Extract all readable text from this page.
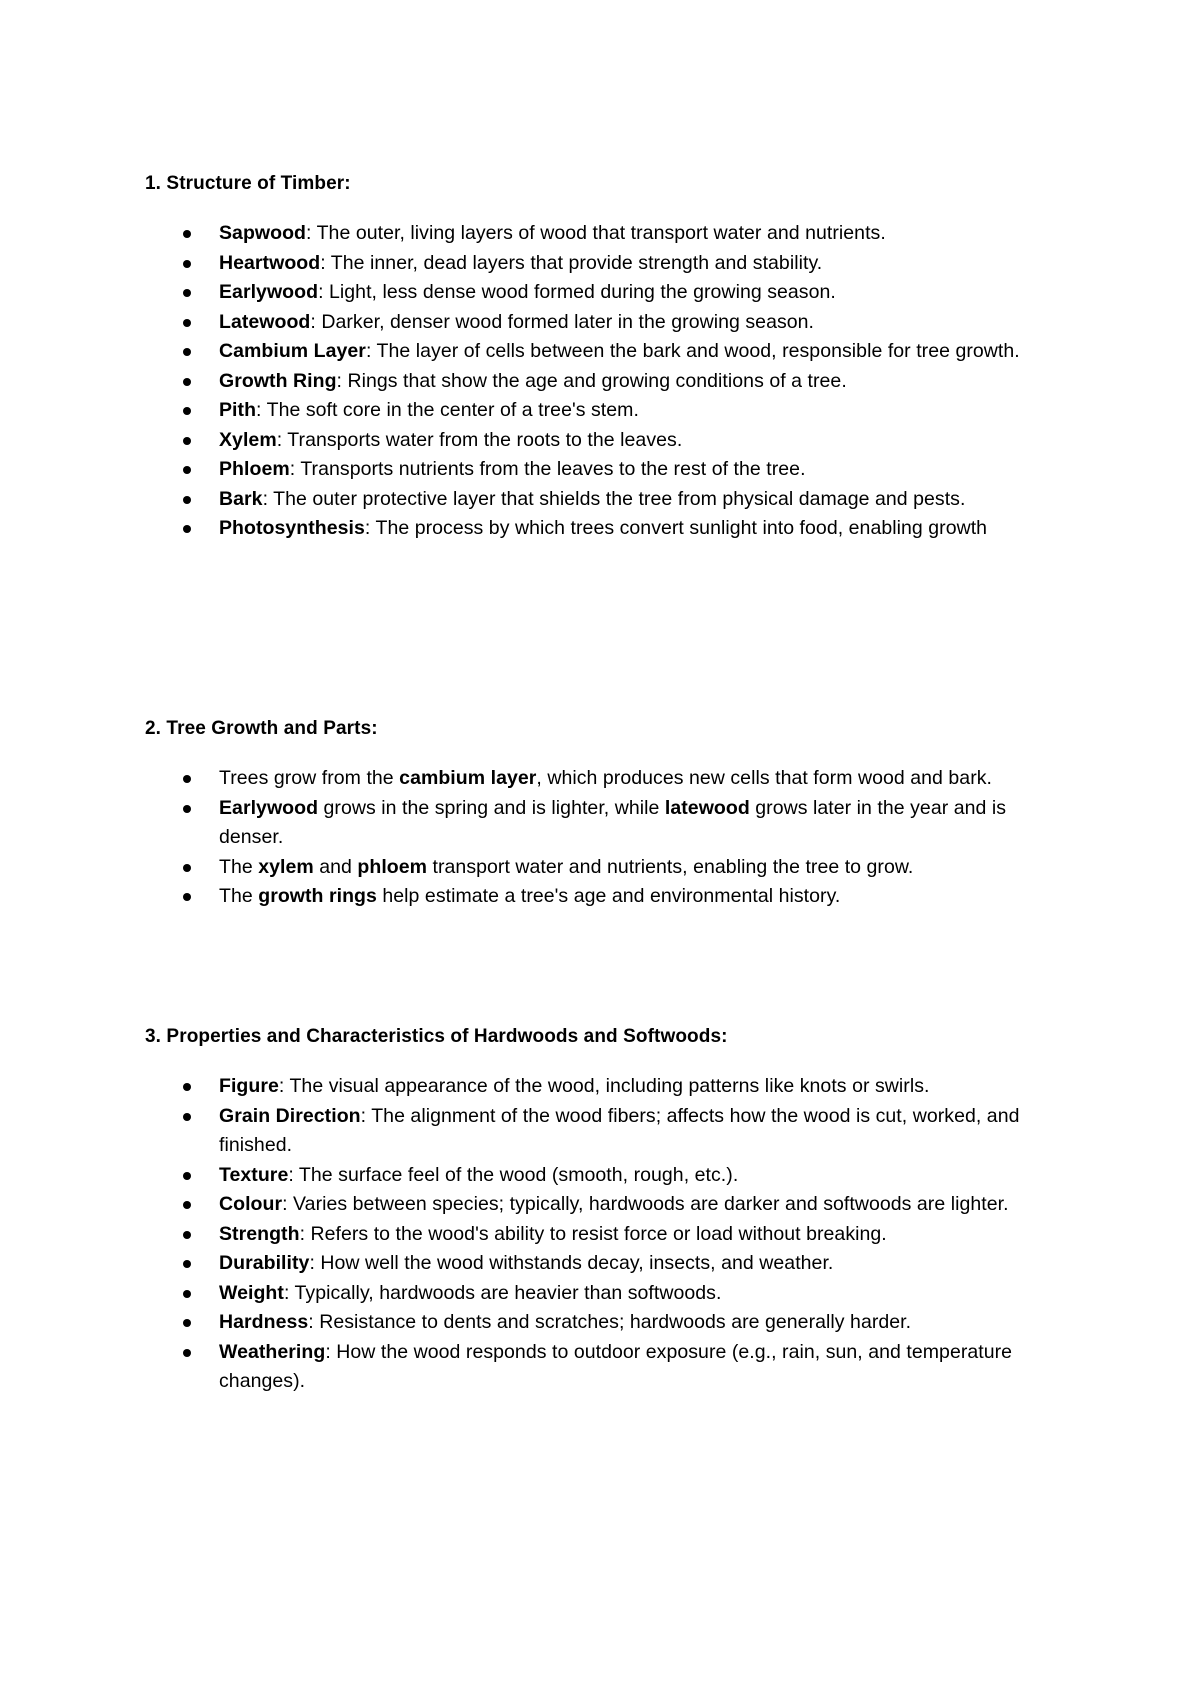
1. Structure of Timber:
Sapwood: The outer, living layers of wood that transport water and nutrients.
Heartwood: The inner, dead layers that provide strength and stability.
Earlywood: Light, less dense wood formed during the growing season.
Latewood: Darker, denser wood formed later in the growing season.
Cambium Layer: The layer of cells between the bark and wood, responsible for tree growth.
Growth Ring: Rings that show the age and growing conditions of a tree.
Pith: The soft core in the center of a tree's stem.
Xylem: Transports water from the roots to the leaves.
Phloem: Transports nutrients from the leaves to the rest of the tree.
Bark: The outer protective layer that shields the tree from physical damage and pests.
Photosynthesis: The process by which trees convert sunlight into food, enabling growth
2. Tree Growth and Parts:
Trees grow from the cambium layer, which produces new cells that form wood and bark.
Earlywood grows in the spring and is lighter, while latewood grows later in the year and is denser.
The xylem and phloem transport water and nutrients, enabling the tree to grow.
The growth rings help estimate a tree's age and environmental history.
3. Properties and Characteristics of Hardwoods and Softwoods:
Figure: The visual appearance of the wood, including patterns like knots or swirls.
Grain Direction: The alignment of the wood fibers; affects how the wood is cut, worked, and finished.
Texture: The surface feel of the wood (smooth, rough, etc.).
Colour: Varies between species; typically, hardwoods are darker and softwoods are lighter.
Strength: Refers to the wood's ability to resist force or load without breaking.
Durability: How well the wood withstands decay, insects, and weather.
Weight: Typically, hardwoods are heavier than softwoods.
Hardness: Resistance to dents and scratches; hardwoods are generally harder.
Weathering: How the wood responds to outdoor exposure (e.g., rain, sun, and temperature changes).
